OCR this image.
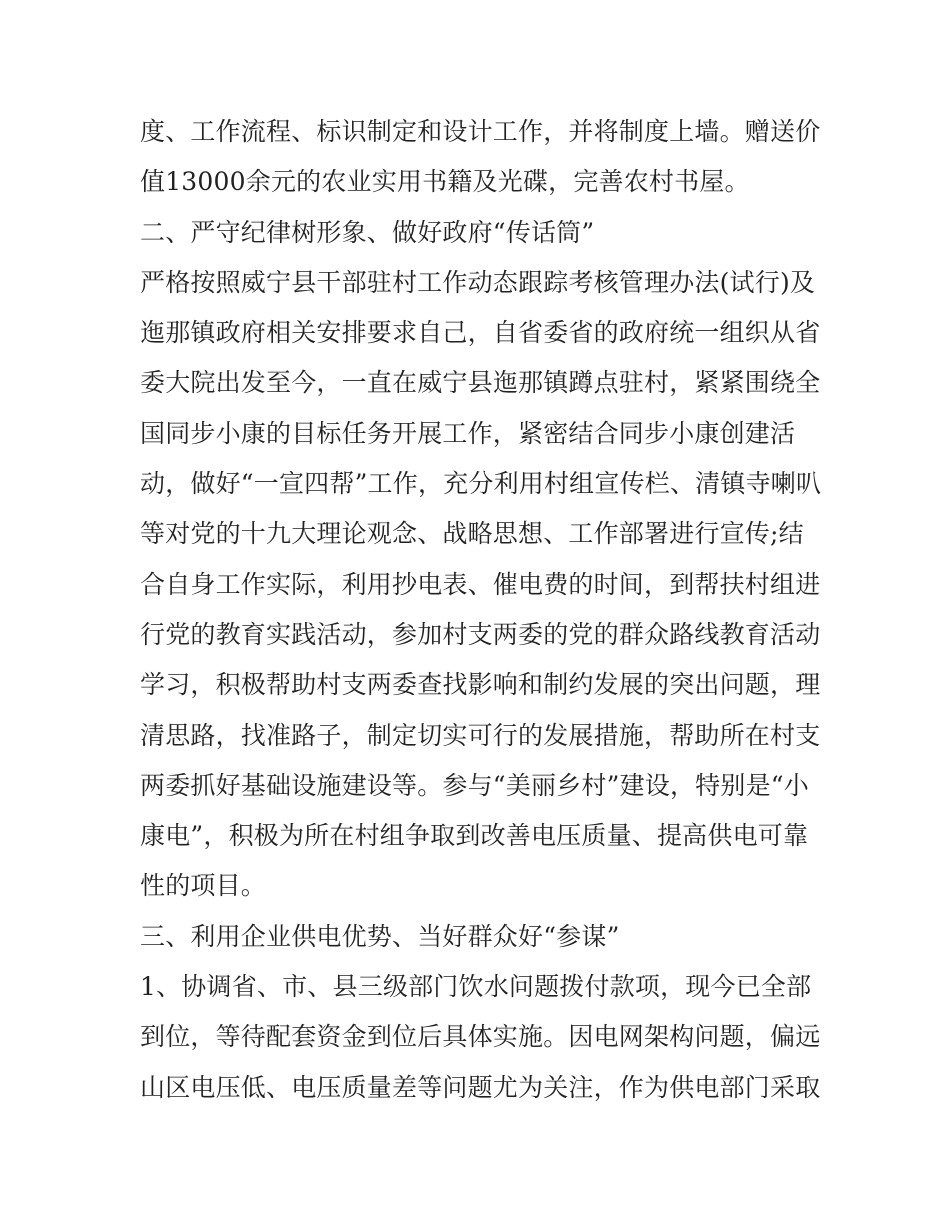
度、工作流程、标识制定和设计工作，并将制度上墙。赠送价
值13000余元的农业实用书籍及光碟，完善农村书屋。
二、严守纪律树形象、做好政府“传话筒”
严格按照威宁县干部驻村工作动态跟踪考核管理办法(试行)及
迤那镇政府相关安排要求自己，自省委省的政府统一组织从省
委大院出发至今，一直在威宁县迤那镇蹲点驻村，紧紧围绕全
国同步小康的目标任务开展工作，紧密结合同步小康创建活
动，做好“一宣四帮”工作，充分利用村组宣传栏、清镇寺喇叭
等对党的十九大理论观念、战略思想、工作部署进行宣传;结
合自身工作实际，利用抄电表、催电费的时间，到帮扶村组进
行党的教育实践活动，参加村支两委的党的群众路线教育活动
学习，积极帮助村支两委查找影响和制约发展的突出问题，理
清思路，找准路子，制定切实可行的发展措施，帮助所在村支
两委抓好基础设施建设等。参与“美丽乡村”建设，特别是“小
康电”，积极为所在村组争取到改善电压质量、提高供电可靠
性的项目。
三、利用企业供电优势、当好群众好“参谋”
1、协调省、市、县三级部门饮水问题拨付款项，现今已全部
到位，等待配套资金到位后具体实施。因电网架构问题，偏远
山区电压低、电压质量差等问题尤为关注，作为供电部门采取
